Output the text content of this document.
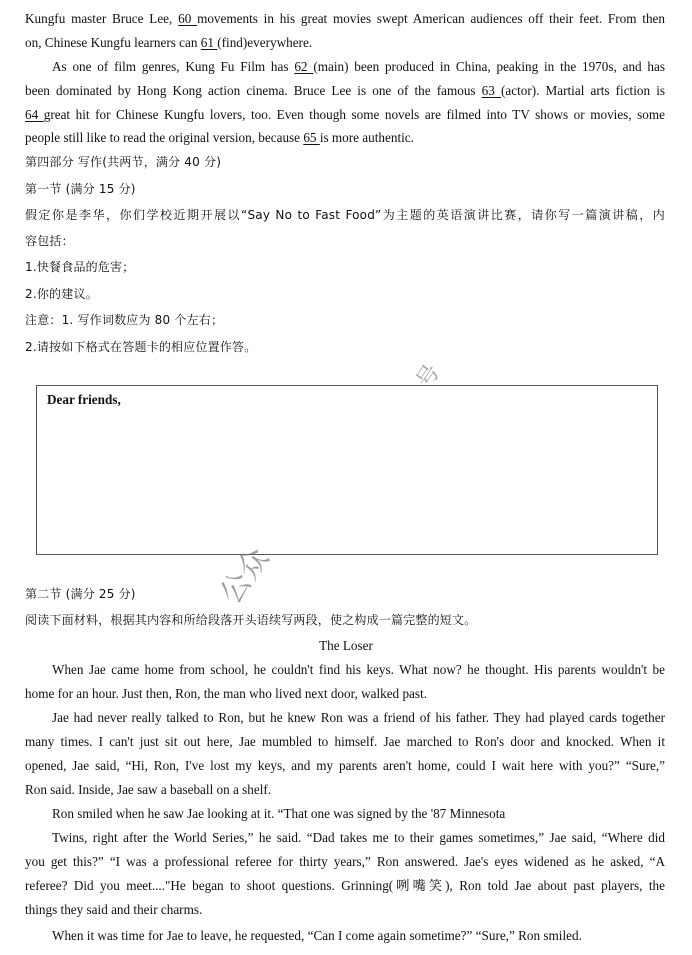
Kungfu master Bruce Lee, 60 movements in his great movies swept American audiences off their feet. From then
on, Chinese Kungfu learners can 61 (find)everywhere.
As one of film genres, Kung Fu Film has 62 (main) been produced in China, peaking in the 1970s, and has
been dominated by Hong Kong action cinema. Bruce Lee is one of the famous 63 (actor). Martial arts fiction is
64 great hit for Chinese Kungfu lovers, too. Even though some novels are filmed into TV shows or movies, some
people still like to read the original version, because 65 is more authentic.
第四部分 写作(共两节，满分 40 分)
第一节 (满分 15 分)
假定你是李华，你们学校近期开展以“Say No to Fast Food”为主题的英语演讲比赛，请你写一篇演讲稿，内
容包括：
1.快餐食品的危害；
2.你的建议。
注意：1. 写作词数应为 80 个左右；
2.请按如下格式在答题卡的相应位置作答。
Dear friends,
第二节 (满分 25 分)
阅读下面材料，根据其内容和所给段落开头语续写两段，使之构成一篇完整的短文。
The Loser
When Jae came home from school, he couldn't find his keys. What now? he thought. His parents wouldn't be
home for an hour. Just then, Ron, the man who lived next door, walked past.
Jae had never really talked to Ron, but he knew Ron was a friend of his father. They had played cards together
many times. I can't just sit out here, Jae mumbled to himself. Jae marched to Ron's door and knocked. When it
opened, Jae said, “Hi, Ron, I've lost my keys, and my parents aren't home, could I wait here with you?” “Sure,”
Ron said. Inside, Jae saw a baseball on a shelf.
Ron smiled when he saw Jae looking at it. “That one was signed by the '87 Minnesota
Twins, right after the World Series,” he said. “Dad takes me to their games sometimes,” Jae said, “Where did
you get this?” “I was a professional referee for thirty years,” Ron answered. Jae's eyes widened as he asked, “A
referee? Did you meet...."He began to shoot questions. Grinning(咧嘴笑), Ron told Jae about past players, the
things they said and their charms.
When it was time for Jae to leave, he requested, “Can I come again sometime?” “Sure,” Ron smiled.
公众
号
